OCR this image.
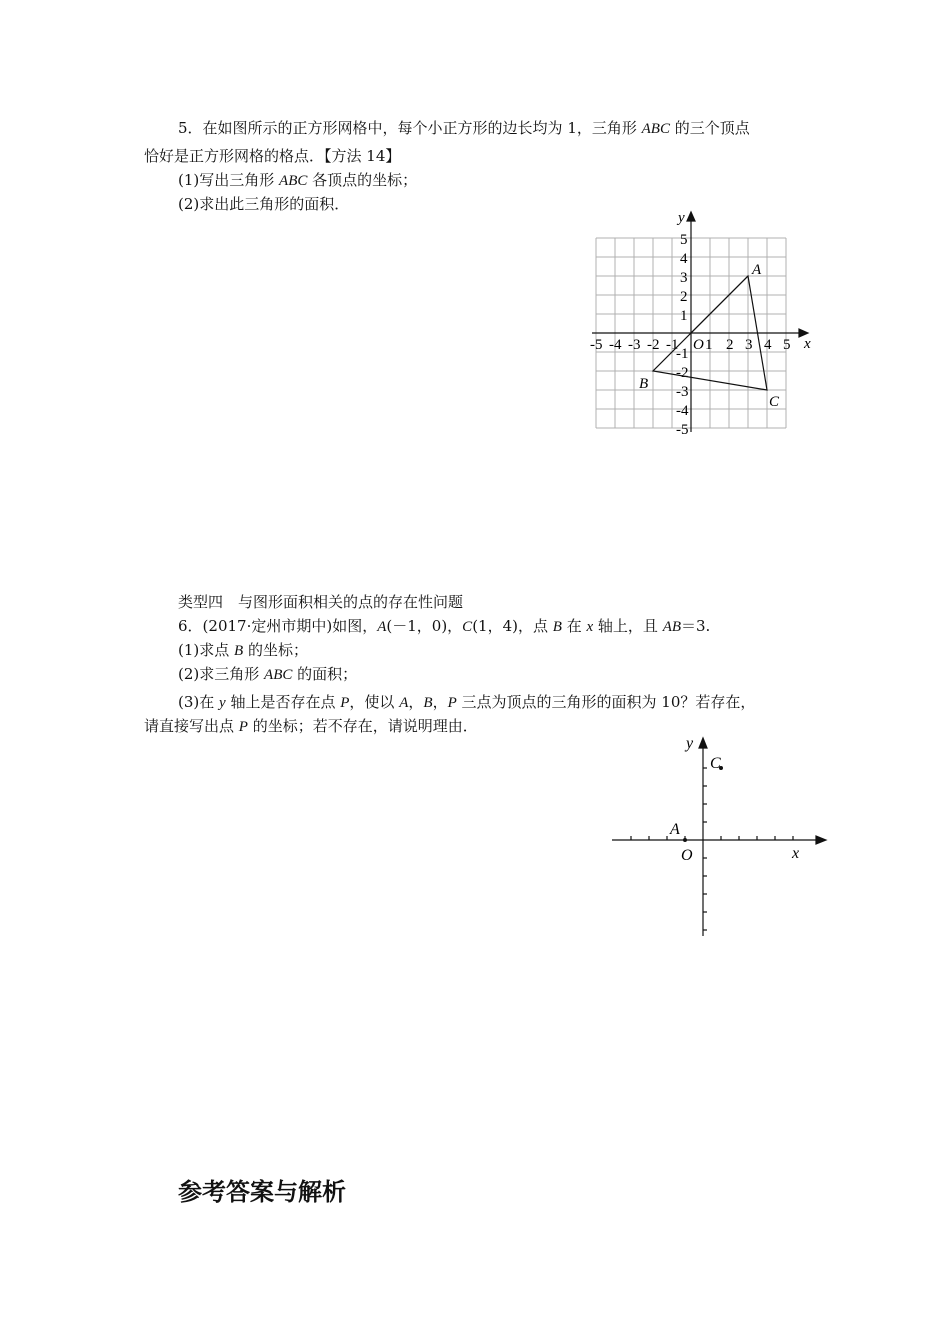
5．在如图所示的正方形网格中，每个小正方形的边长均为 1，三角形 ABC 的三个顶点
恰好是正方形网格的格点．【方法 14】
(1)写出三角形 ABC 各顶点的坐标；
(2)求出此三角形的面积．
x
y
O
-5 -4 -3 -2 -1 1 2 3 4 5
5
4
3
2
1
-1
-2
-3
-4
-5
A
B
C
类型四　与图形面积相关的点的存在性问题
6．(2017·定州市期中)如图，A(－1，0)，C(1，4)，点 B 在 x 轴上，且 AB＝3.
(1)求点 B 的坐标；
(2)求三角形 ABC 的面积；
(3)在 y 轴上是否存在点 P，使以 A，B，P 三点为顶点的三角形的面积为 10？若存在，
请直接写出点 P 的坐标；若不存在，请说明理由．
x
y
O
A
C
参考答案与解析
